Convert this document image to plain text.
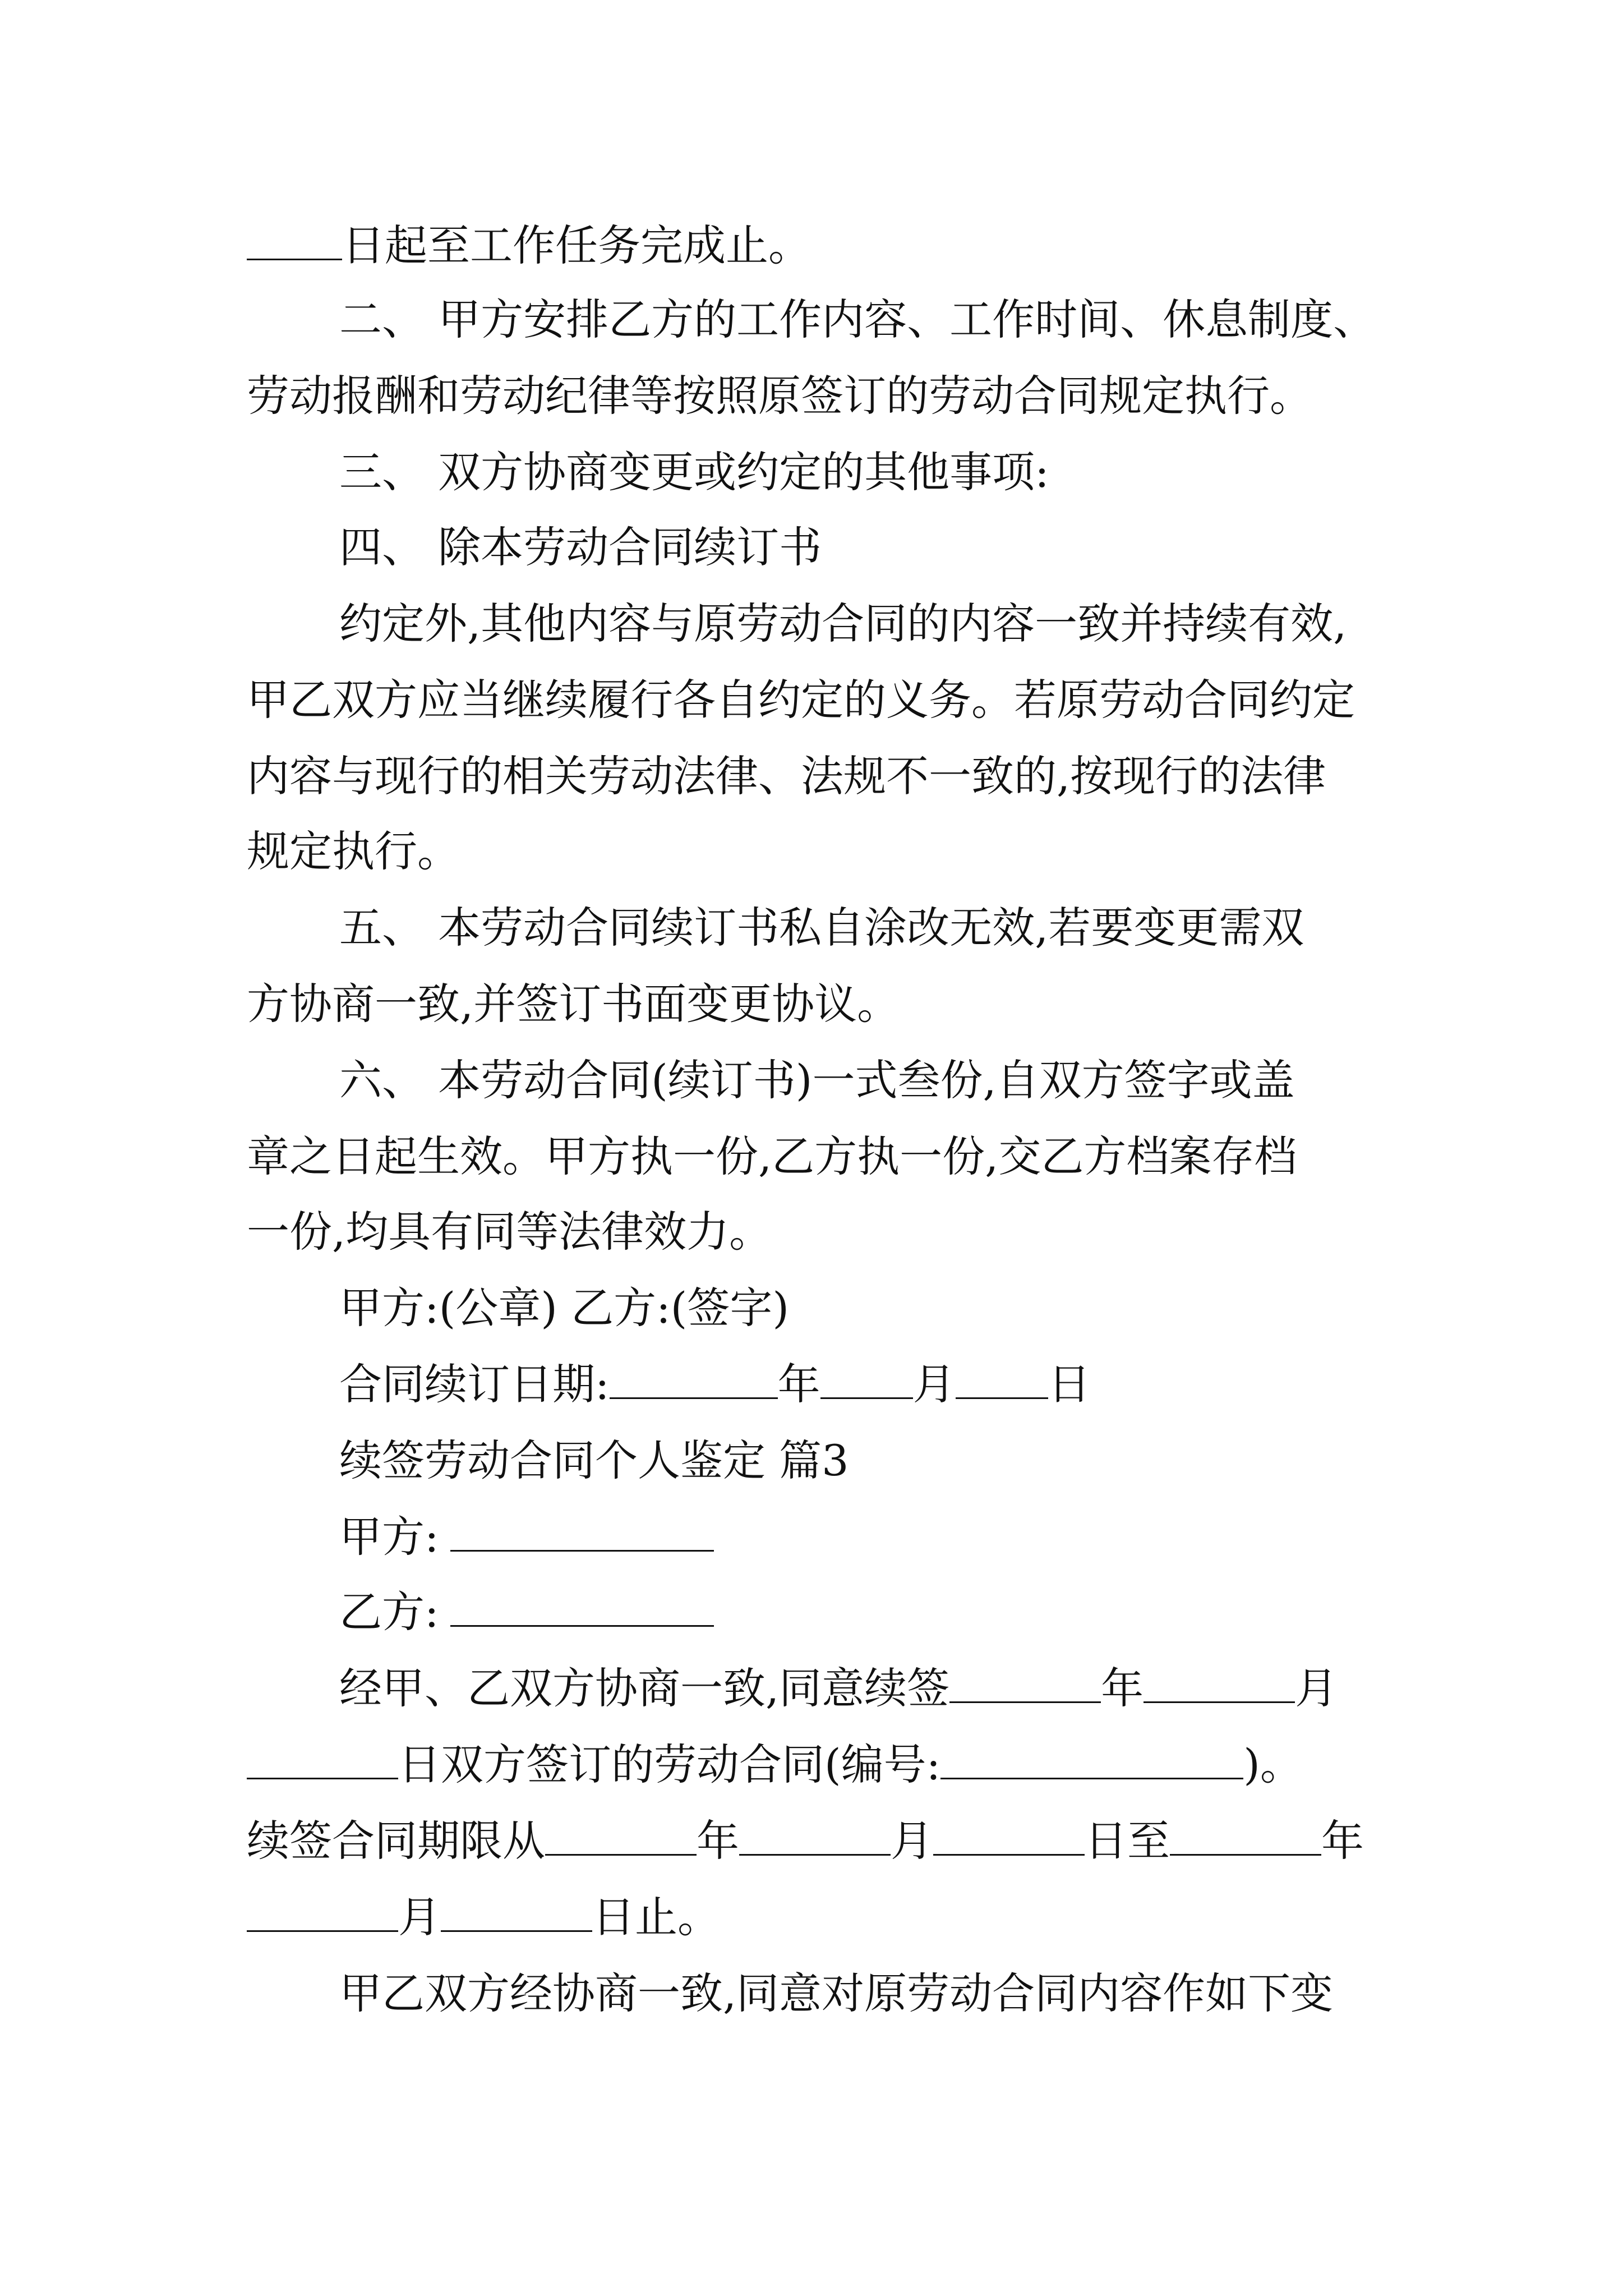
日起至工作任务完成止。
二、 甲方安排乙方的工作内容、工作时间、休息制度、
劳动报酬和劳动纪律等按照原签订的劳动合同规定执行。
三、 双方协商变更或约定的其他事项:
四、 除本劳动合同续订书
约定外,其他内容与原劳动合同的内容一致并持续有效,
甲乙双方应当继续履行各自约定的义务。若原劳动合同约定
内容与现行的相关劳动法律、法规不一致的,按现行的法律
规定执行。
五、 本劳动合同续订书私自涂改无效,若要变更需双
方协商一致,并签订书面变更协议。
六、 本劳动合同(续订书)一式叁份,自双方签字或盖
章之日起生效。甲方执一份,乙方执一份,交乙方档案存档
一份,均具有同等法律效力。
甲方:(公章) 乙方:(签字)
合同续订日期:	年 月 日
续签劳动合同个人鉴定 篇3
甲方:
乙方:
经甲、乙双方协商一致,同意续签	年	月
日双方签订的劳动合同(编号:	)。
续签合同期限从	年	月	日至	年
月	日止。
甲乙双方经协商一致,同意对原劳动合同内容作如下变
